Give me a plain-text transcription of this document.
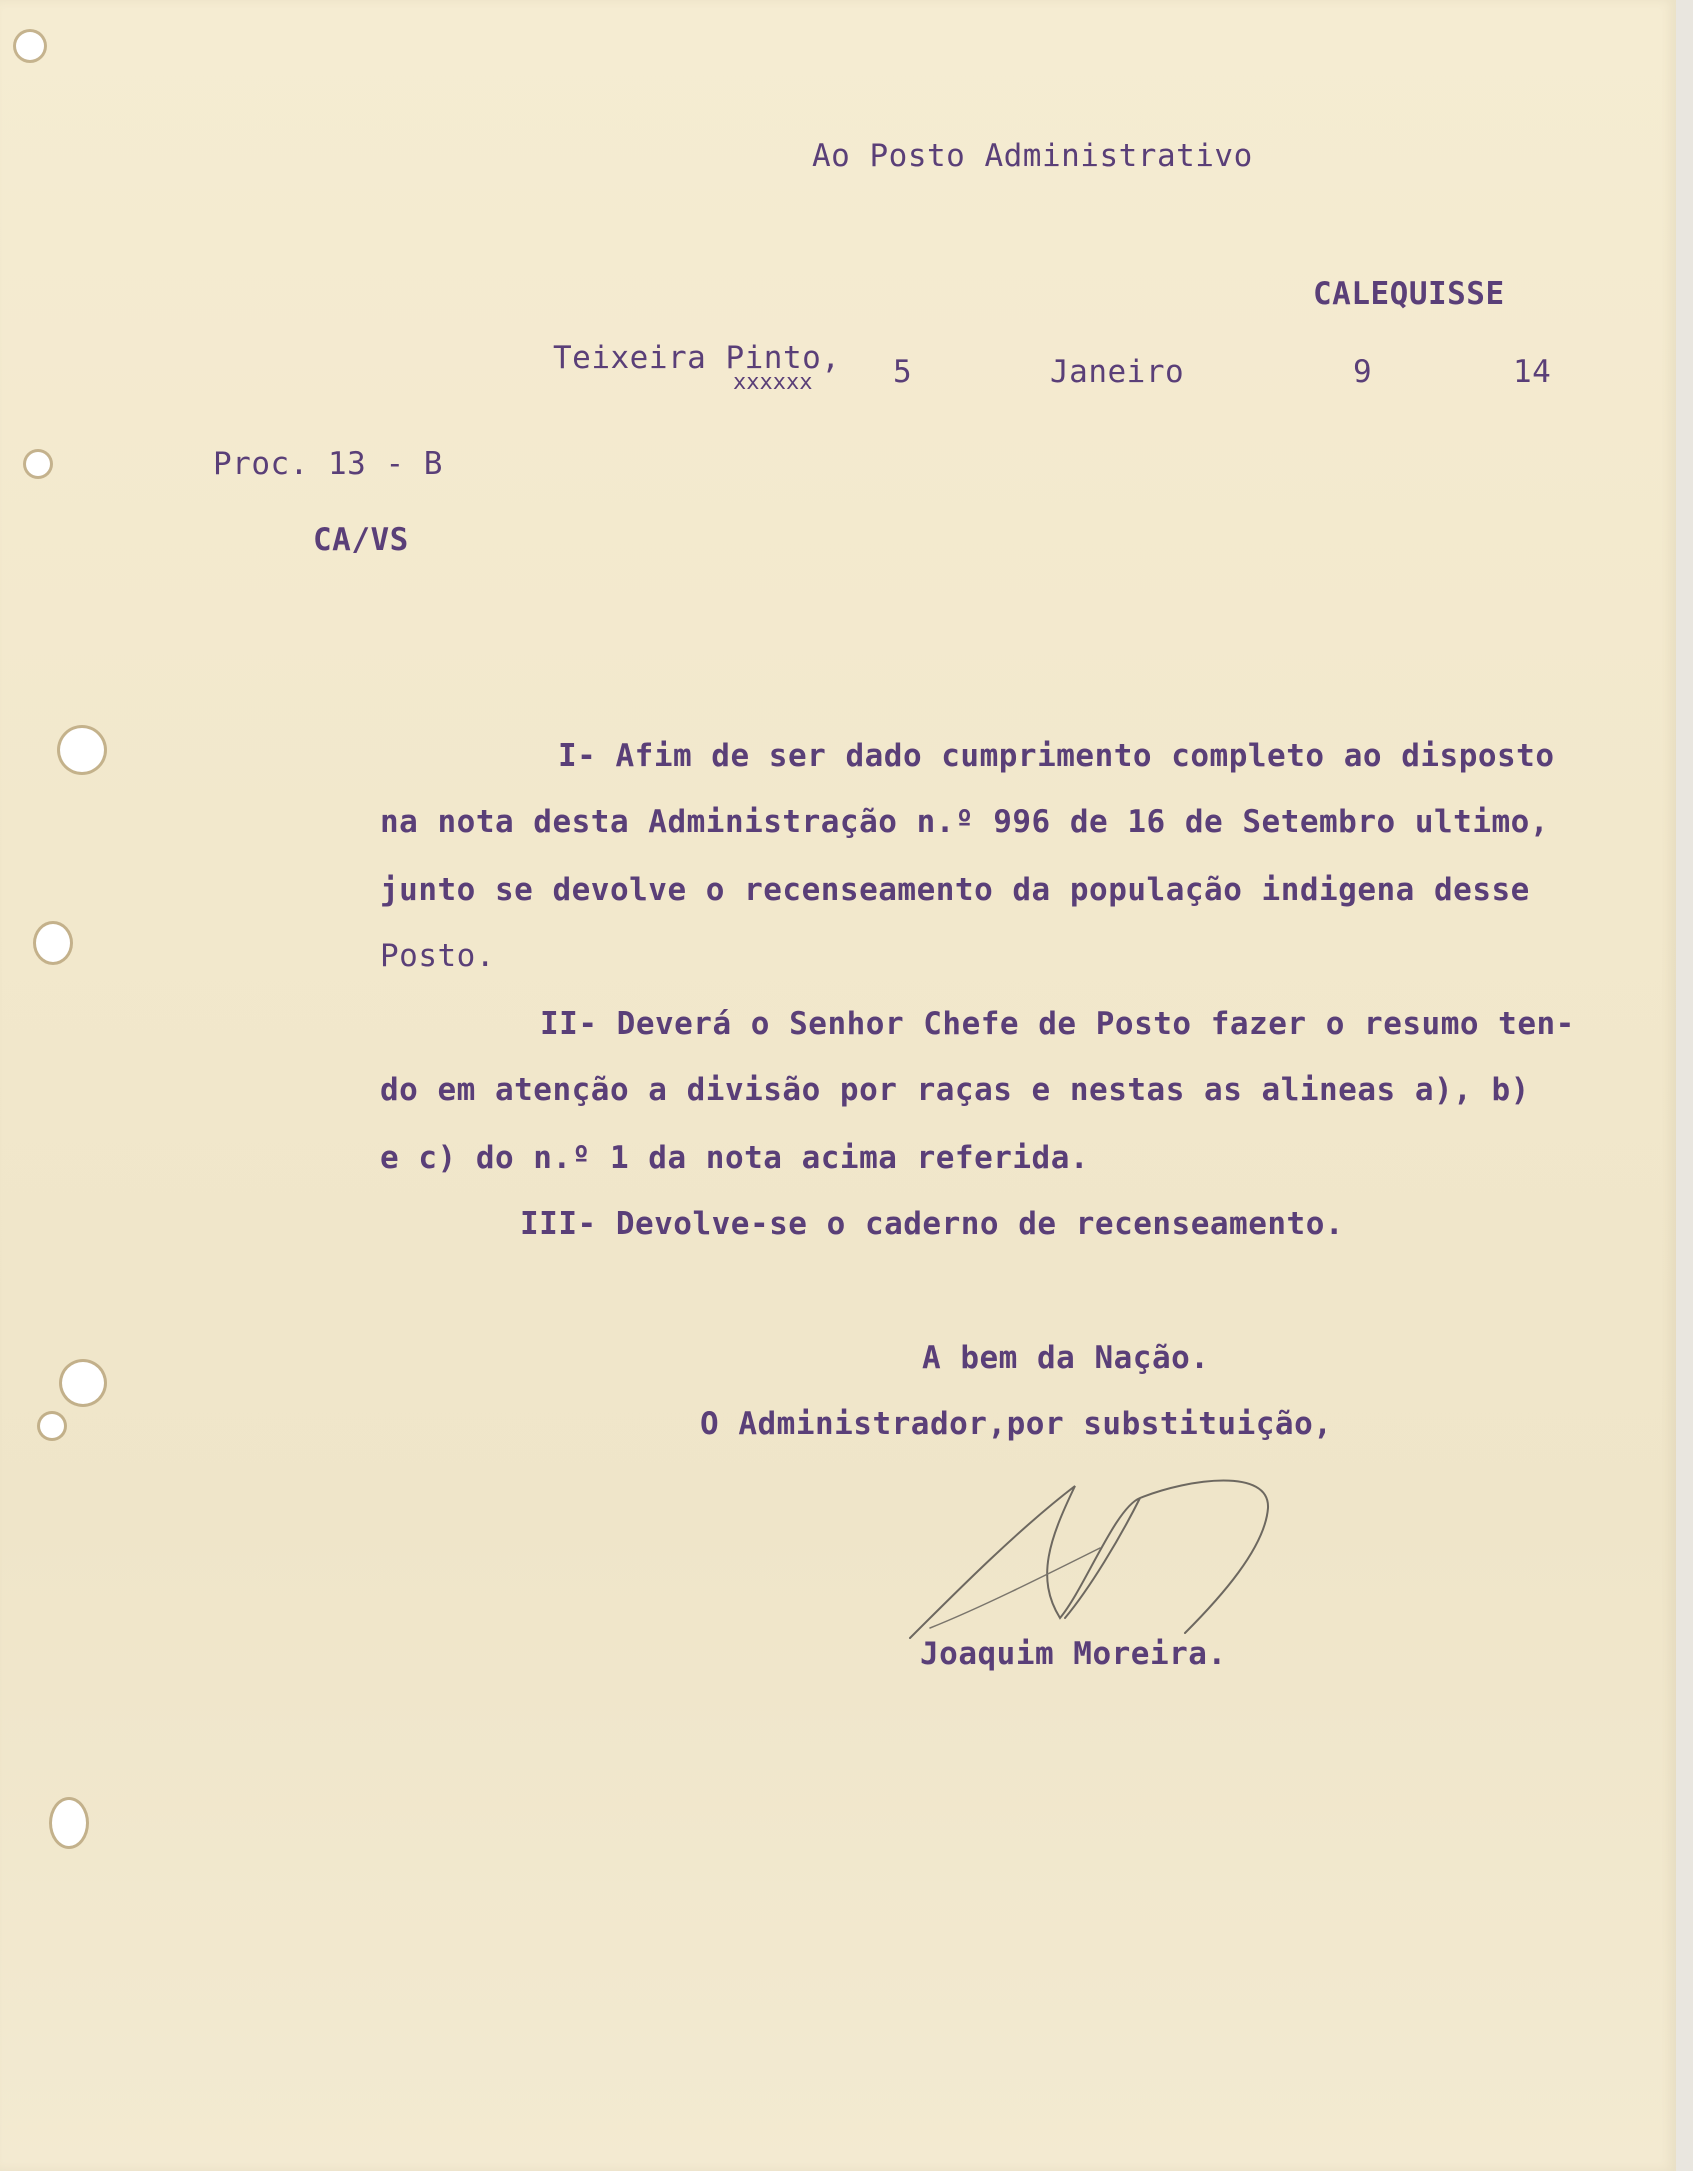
Ao Posto Administrativo
CALEQUISSE
Teixeira Pinto,
xxxxxx	5	Janeiro	9	14
Proc. 13 - B
CA/VS
I- Afim de ser dado cumprimento completo ao disposto
na nota desta Administração n.º 996 de 16 de Setembro ultimo,
junto se devolve o recenseamento da população indigena desse
Posto.
II- Deverá o Senhor Chefe de Posto fazer o resumo ten-
do em atenção a divisão por raças e nestas as alineas a), b)
e c) do n.º 1 da nota acima referida.
III- Devolve-se o caderno de recenseamento.
A bem da Nação.
O Administrador,por substituição,
Joaquim Moreira.
